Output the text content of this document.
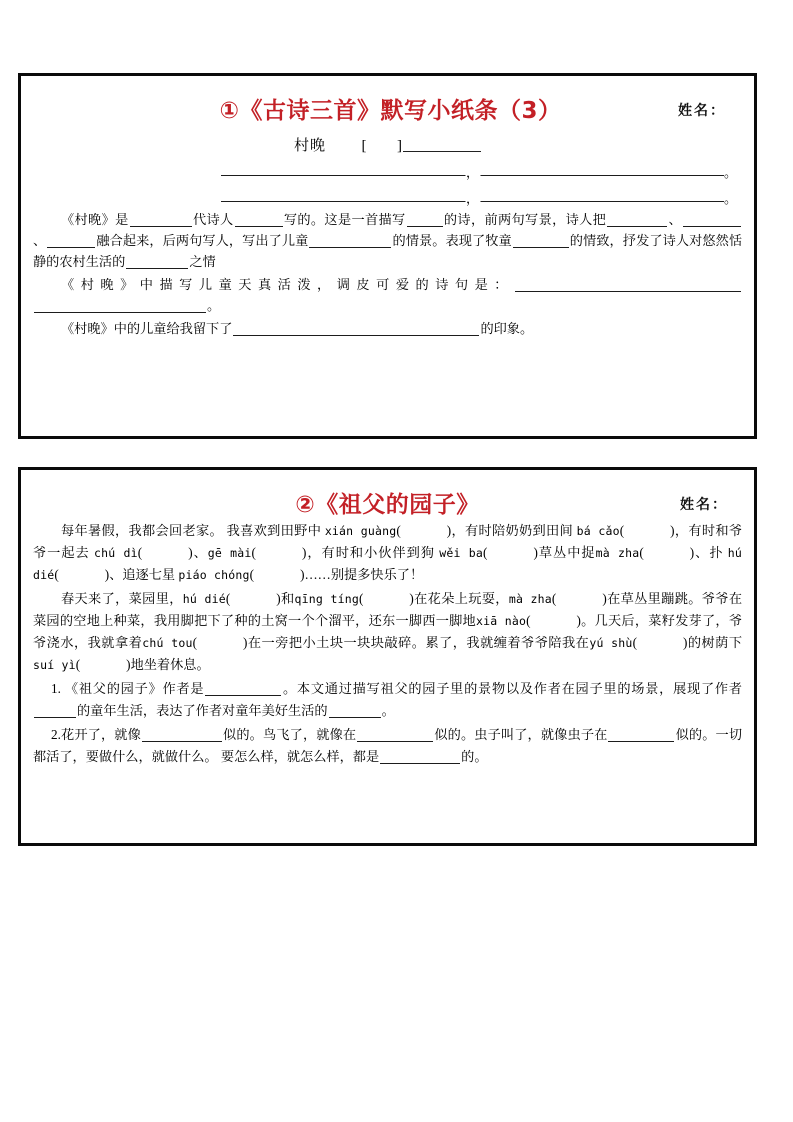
①《古诗三首》默写小纸条（3）	姓名：
村晚 [ ]
，	。
，	。
《村晚》是	代诗人	写的。这是一首描写	的诗，前两句写景，诗人把	、、	融合起来，后两句写人，写出了儿童	的情景。表现了牧童	的情致，抒发了诗人对悠然恬静的农村生活的	之情
《村晚》中描写儿童天真活泼，调皮可爱的诗句是：。
《村晚》中的儿童给我留下了	的印象。
②《祖父的园子》	姓名：
每年暑假，我都会回老家。 我喜欢到田野中 xián guàng(	)，有时陪奶奶到田间 bá cǎo(	)，有时和爷爷一起去 chú dì(	)、gē mài(	)，有时和小伙伴到狗 wěi ba(	)草丛中捉mà zha(	)、扑 hú dié(	)、追逐七星 piáo chóng(	)……别提多快乐了！
春天来了，菜园里，hú dié(	)和qīng tíng(	)在花朵上玩耍，mà zha(	)在草丛里蹦跳。爷爷在菜园的空地上种菜，我用脚把下了种的土窝一个个溜平，还东一脚西一脚地xiā nào(	)。几天后，菜籽发芽了，爷爷浇水，我就拿着chú tou(	)在一旁把小土块一块块敲碎。累了，我就缠着爷爷陪我在yú shù(	)的树荫下 suí yì(	)地坐着休息。
1. 《祖父的园子》作者是	。本文通过描写祖父的园子里的景物以及作者在园子里的场景，展现了作者的童年生活，表达了作者对童年美好生活的	。
2.花开了，就像	似的。鸟飞了，就像在	似的。虫子叫了，就像虫子在	似的。一切都活了，要做什么，就做什么。 要怎么样，就怎么样，都是	的。
